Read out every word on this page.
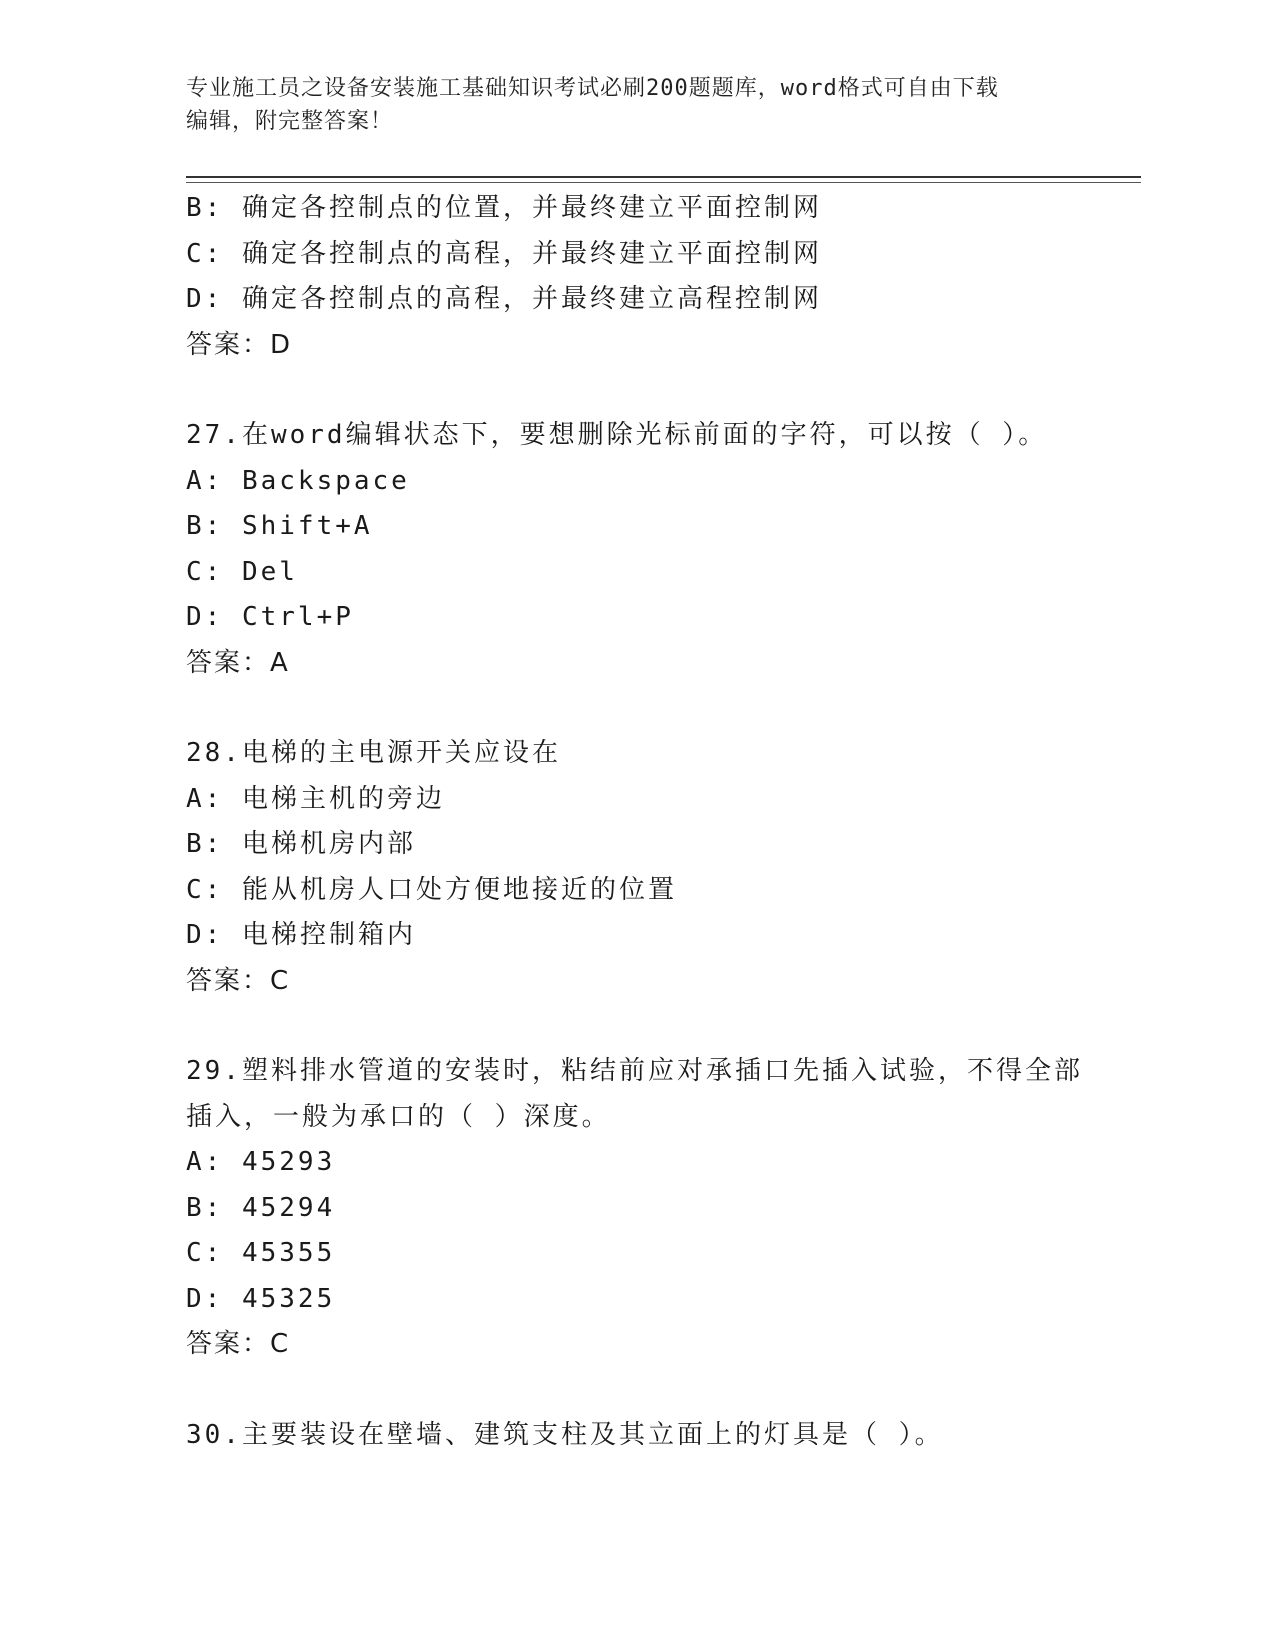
专业施工员之设备安装施工基础知识考试必刷200题题库，word格式可自由下载
编辑，附完整答案！
B: 确定各控制点的位置，并最终建立平面控制网
C: 确定各控制点的高程，并最终建立平面控制网
D: 确定各控制点的高程，并最终建立高程控制网
答案：D
27.在word编辑状态下，要想删除光标前面的字符，可以按（ ）。
A: Backspace
B: Shift+A
C: Del
D: Ctrl+P
答案：A
28.电梯的主电源开关应设在
A: 电梯主机的旁边
B: 电梯机房内部
C: 能从机房人口处方便地接近的位置
D: 电梯控制箱内
答案：C
29.塑料排水管道的安装时，粘结前应对承插口先插入试验，不得全部
插入，一般为承口的（ ）深度。
A: 45293
B: 45294
C: 45355
D: 45325
答案：C
30.主要装设在壁墙、建筑支柱及其立面上的灯具是（ ）。
